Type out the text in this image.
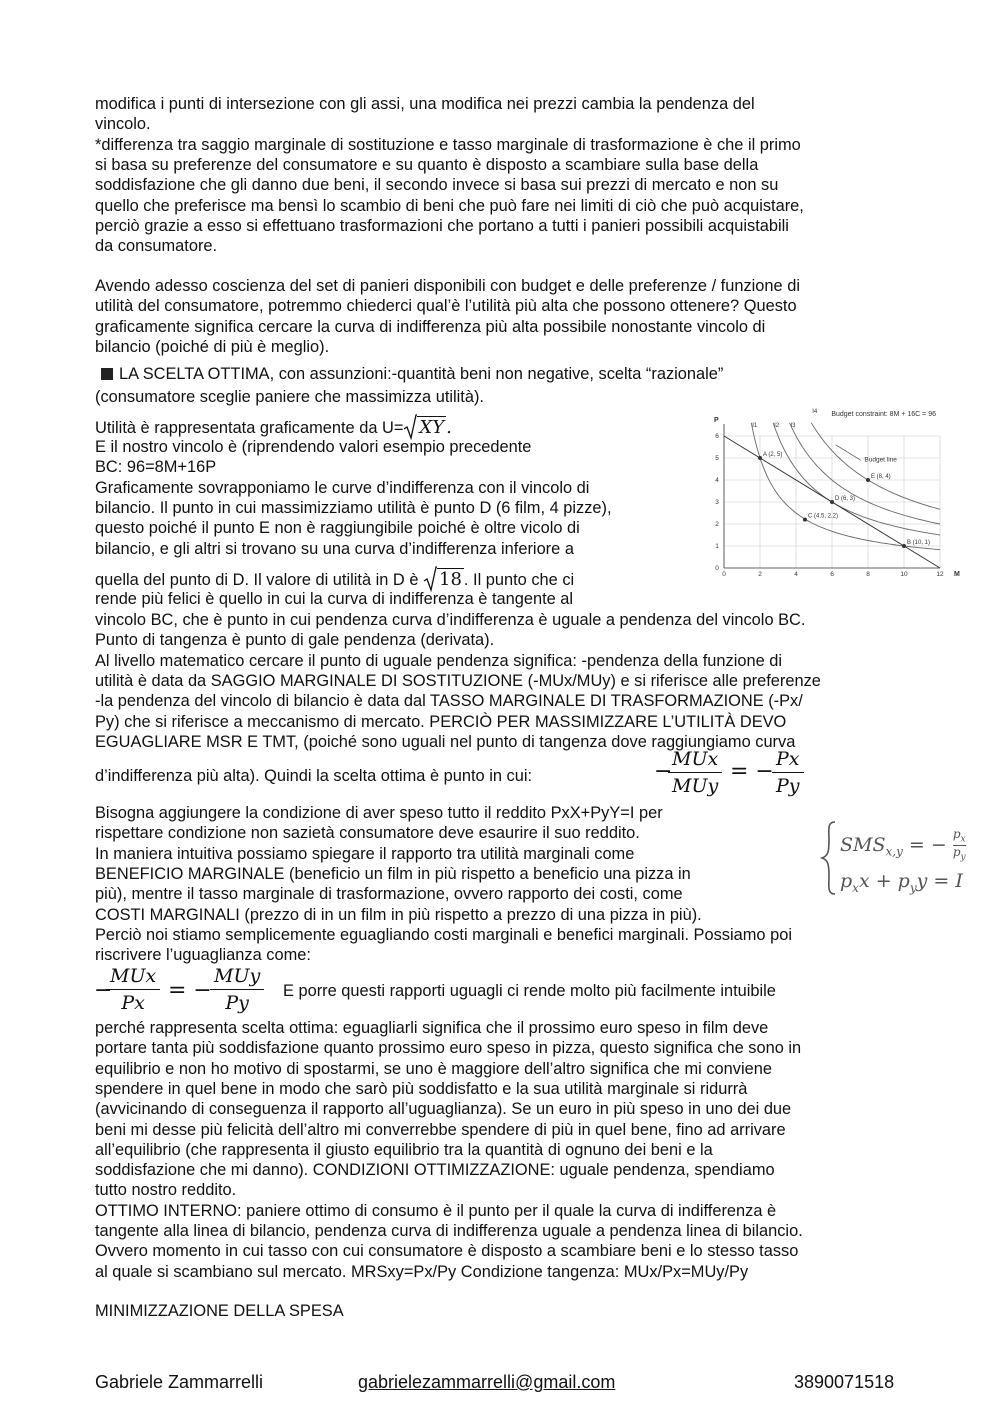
modifica i punti di intersezione con gli assi, una modifica nei prezzi cambia la pendenza del
vincolo.
*differenza tra saggio marginale di sostituzione e tasso marginale di trasformazione è che il primo
si basa su preferenze del consumatore e su quanto è disposto a scambiare sulla base della
soddisfazione che gli danno due beni, il secondo invece si basa sui prezzi di mercato e non su
quello che preferisce ma bensì lo scambio di beni che può fare nei limiti di ciò che può acquistare,
perciò grazie a esso si effettuano trasformazioni che portano a tutti i panieri possibili acquistabili
da consumatore.
Avendo adesso coscienza del set di panieri disponibili con budget e delle preferenze / funzione di
utilità del consumatore, potremmo chiederci qual’è l’utilità più alta che possono ottenere? Questo
graficamente significa cercare la curva di indifferenza più alta possibile nonostante vincolo di
bilancio (poiché di più è meglio).
LA SCELTA OTTIMA, con assunzioni:-quantità beni non negative, scelta “razionale”
(consumatore sceglie paniere che massimizza utilità).
Utilità è rappresentata graficamente da U= XY .
E il nostro vincolo è (riprendendo valori esempio precedente
BC: 96=8M+16P
Graficamente sovrapponiamo le curve d’indifferenza con il vincolo di
bilancio. Il punto in cui massimizziamo utilità è punto D (6 film, 4 pizze),
questo poiché il punto E non è raggiungibile poiché è oltre vicolo di
bilancio, e gli altri si trovano su una curva d’indifferenza inferiore a
quella del punto di D. Il valore di utilità in D è 18 . Il punto che ci
rende più felici è quello in cui la curva di indifferenza è tangente al
Budget constraint: 8M + 16C = 96
0	2	4	6	8	10	12
0
1
2
3
4
5
6
M
P
I1	I2 I3
I4
Budget line
A (2, 5)
B (10, 1)
C (4.5, 2.2)
D (6, 3)
E (8, 4)
vincolo BC, che è punto in cui pendenza curva d’indifferenza è uguale a pendenza del vincolo BC.
Punto di tangenza è punto di gale pendenza (derivata).
Al livello matematico cercare il punto di uguale pendenza significa: -pendenza della funzione di
utilità è data da SAGGIO MARGINALE DI SOSTITUZIONE (-MUx/MUy) e si riferisce alle preferenze
-la pendenza del vincolo di bilancio è data dal TASSO MARGINALE DI TRASFORMAZIONE (-Px/
Py) che si riferisce a meccanismo di mercato. PERCIÒ PER MASSIMIZZARE L’UTILITÀ DEVO
EGUAGLIARE MSR E TMT, (poiché sono uguali nel punto di tangenza dove raggiungiamo curva
d’indifferenza più alta). Quindi la scelta ottima è punto in cui:	− MUx
MUy
= −
$\frac{Px}{Py}$
Bisogna aggiungere la condizione di aver speso tutto il reddito PxX+PyY=I per
rispettare condizione non sazietà consumatore deve esaurire il suo reddito.
In maniera intuitiva possiamo spiegare il rapporto tra utilità marginali come
BENEFICIO MARGINALE (beneficio un film in più rispetto a beneficio una pizza in
più), mentre il tasso marginale di trasformazione, ovvero rapporto dei costi, come
COSTI MARGINALI (prezzo di in un film in più rispetto a prezzo di una pizza in più).
Perciò noi stiamo semplicemente eguagliando costi marginali e benefici marginali. Possiamo poi
riscrivere l’uguaglianza come:
$SMS_{x,y}$ = − $\frac{p_x}{p_y}$
$p_xx + p_yy = I$
−
MUx
Px	= −
MUy
Py
E porre questi rapporti uguagli ci rende molto più facilmente intuibile
perché rappresenta scelta ottima: eguagliarli significa che il prossimo euro speso in film deve
portare tanta più soddisfazione quanto prossimo euro speso in pizza, questo significa che sono in
equilibrio e non ho motivo di spostarmi, se uno è maggiore dell’altro significa che mi conviene
spendere in quel bene in modo che sarò più soddisfatto e la sua utilità marginale si ridurrà
(avvicinando di conseguenza il rapporto all’uguaglianza). Se un euro in più speso in uno dei due
beni mi desse più felicità dell’altro mi converrebbe spendere di più in quel bene, fino ad arrivare
all’equilibrio (che rappresenta il giusto equilibrio tra la quantità di ognuno dei beni e la
soddisfazione che mi danno). CONDIZIONI OTTIMIZZAZIONE: uguale pendenza, spendiamo
tutto nostro reddito.
OTTIMO INTERNO: paniere ottimo di consumo è il punto per il quale la curva di indifferenza è
tangente alla linea di bilancio, pendenza curva di indifferenza uguale a pendenza linea di bilancio.
Ovvero momento in cui tasso con cui consumatore è disposto a scambiare beni e lo stesso tasso
al quale si scambiano sul mercato. MRSxy=Px/Py Condizione tangenza: MUx/Px=MUy/Py
MINIMIZZAZIONE DELLA SPESA
Gabriele Zammarrelli	gabrielezammarrelli@gmail.com	3890071518
